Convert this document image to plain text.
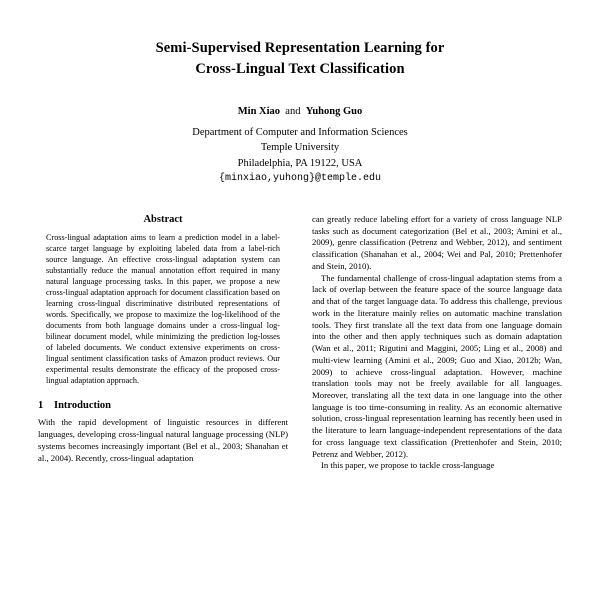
Semi-Supervised Representation Learning for
Cross-Lingual Text Classification
Min Xiao and Yuhong Guo
Department of Computer and Information Sciences
Temple University
Philadelphia, PA 19122, USA
{minxiao,yuhong}@temple.edu
Abstract

Cross-lingual adaptation aims to learn a prediction model in a label-scarce target language by exploiting labeled data from a label-rich source language. An effective cross-lingual adaptation system can substantially reduce the manual annotation effort required in many natural language processing tasks. In this paper, we propose a new cross-lingual adaptation approach for document classification based on learning cross-lingual discriminative distributed representations of words. Specifically, we propose to maximize the log-likelihood of the documents from both language domains under a cross-lingual log-bilinear document model, while minimizing the prediction log-losses of labeled documents. We conduct extensive experiments on cross-lingual sentiment classification tasks of Amazon product reviews. Our experimental results demonstrate the efficacy of the proposed cross-lingual adaptation approach.

1 Introduction

With the rapid development of linguistic resources in different languages, developing cross-lingual natural language processing (NLP) systems becomes increasingly important (Bel et al., 2003; Shanahan et al., 2004). Recently, cross-lingual adaptation

can greatly reduce labeling effort for a variety of cross language NLP tasks such as document categorization (Bel et al., 2003; Amini et al., 2009), genre classification (Petrenz and Webber, 2012), and sentiment classification (Shanahan et al., 2004; Wei and Pal, 2010; Prettenhofer and Stein, 2010).

The fundamental challenge of cross-lingual adaptation stems from a lack of overlap between the feature space of the source language data and that of the target language data. To address this challenge, previous work in the literature mainly relies on automatic machine translation tools. They first translate all the text data from one language domain into the other and then apply techniques such as domain adaptation (Wan et al., 2011; Rigutini and Maggini, 2005; Ling et al., 2008) and multi-view learning (Amini et al., 2009; Guo and Xiao, 2012b; Wan, 2009) to achieve cross-lingual adaptation. However, machine translation tools may not be freely available for all languages. Moreover, translating all the text data in one language into the other language is too time-consuming in reality. As an economic alternative solution, cross-lingual representation learning has recently been used in the literature to learn language-independent representations of the data for cross language text classification (Prettenhofer and Stein, 2010; Petrenz and Webber, 2012).

In this paper, we propose to tackle cross-language
